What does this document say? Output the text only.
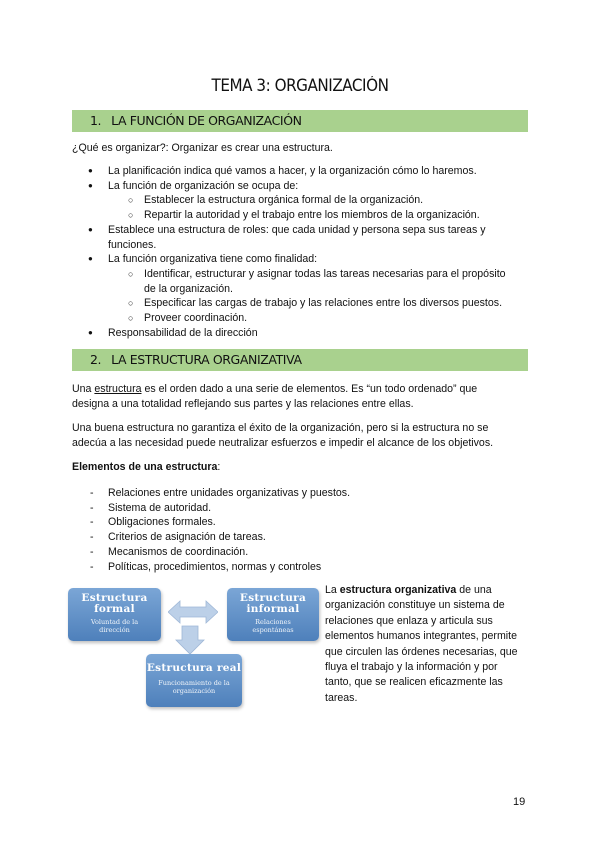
TEMA 3: ORGANIZACIÓN
1. LA FUNCIÓN DE ORGANIZACIÓN
¿Qué es organizar?: Organizar es crear una estructura.
● La planificación indica qué vamos a hacer, y la organización cómo lo haremos.
● La función de organización se ocupa de:
○ Establecer la estructura orgánica formal de la organización.
○ Repartir la autoridad y el trabajo entre los miembros de la organización.
● Establece una estructura de roles: que cada unidad y persona sepa sus tareas y
funciones.
● La función organizativa tiene como finalidad:
○ Identificar, estructurar y asignar todas las tareas necesarias para el propósito
de la organización.
○ Especificar las cargas de trabajo y las relaciones entre los diversos puestos.
○ Proveer coordinación.
● Responsabilidad de la dirección
2. LA ESTRUCTURA ORGANIZATIVA
Una estructura es el orden dado a una serie de elementos. Es “un todo ordenado” que
designa a una totalidad reflejando sus partes y las relaciones entre ellas.
Una buena estructura no garantiza el éxito de la organización, pero si la estructura no se
adecúa a las necesidad puede neutralizar esfuerzos e impedir el alcance de los objetivos.
Elementos de una estructura:
- Relaciones entre unidades organizativas y puestos.
- Sistema de autoridad.
- Obligaciones formales.
- Criterios de asignación de tareas.
- Mecanismos de coordinación.
- Políticas, procedimientos, normas y controles
Estructura
formal
Voluntad de la
dirección
Estructura
informal
Relaciones
espontáneas
Estructura real
Funcionamiento de la
organización
La estructura organizativa de una
organización constituye un sistema de
relaciones que enlaza y articula sus
elementos humanos integrantes, permite
que circulen las órdenes necesarias, que
fluya el trabajo y la información y por
tanto, que se realicen eficazmente las
tareas.
19
